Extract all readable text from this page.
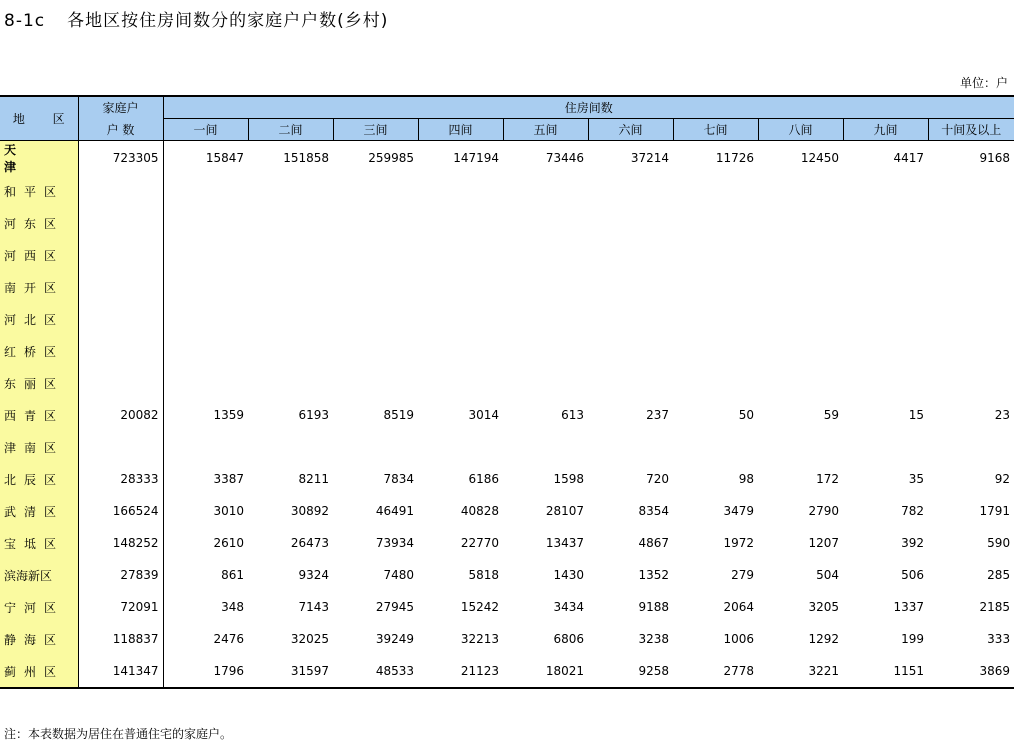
8-1c 各地区按住房间数分的家庭户户数(乡村)
单位：户
地 区	家庭户	住房间数									
	户 数	一间	二间	三间	四间	五间	六间	七间	八间	九间	十间及以上
天 津	723305	15847	151858	259985	147194	73446	37214	11726	12450	4417	9168
和平区											
河东区											
河西区											
南开区											
河北区											
红桥区											
东丽区											
西青区	20082	1359	6193	8519	3014	613	237	50	59	15	23
津南区											
北辰区	28333	3387	8211	7834	6186	1598	720	98	172	35	92
武清区	166524	3010	30892	46491	40828	28107	8354	3479	2790	782	1791
宝坻区	148252	2610	26473	73934	22770	13437	4867	1972	1207	392	590
滨海新区	27839	861	9324	7480	5818	1430	1352	279	504	506	285
宁河区	72091	348	7143	27945	15242	3434	9188	2064	3205	1337	2185
静海区	118837	2476	32025	39249	32213	6806	3238	1006	1292	199	333
蓟州区	141347	1796	31597	48533	21123	18021	9258	2778	3221	1151	3869
注：本表数据为居住在普通住宅的家庭户。
